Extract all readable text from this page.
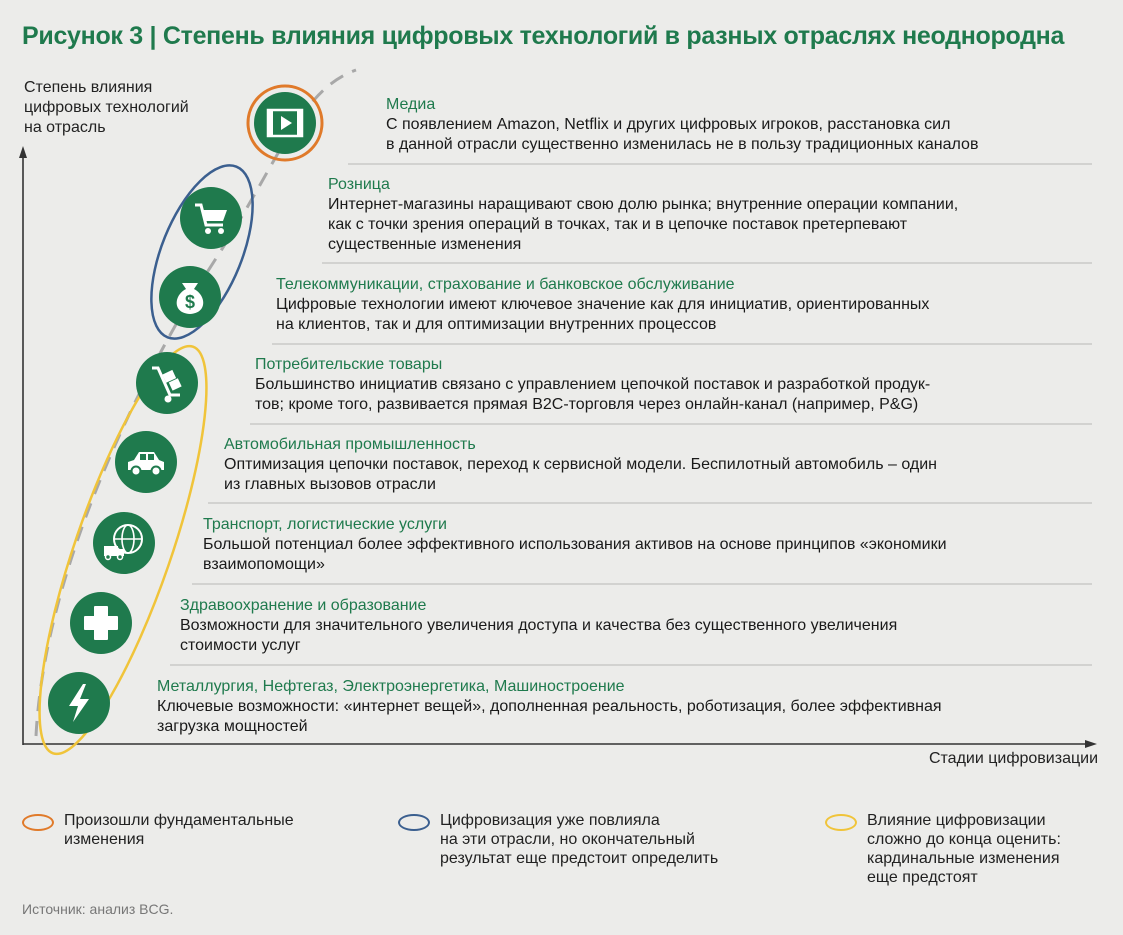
Рисунок 3 | Степень влияния цифровых технологий в разных отраслях неоднородна
Степень влияния
цифровых технологий
на отрасль
Стадии цифровизации
$
Медиа
С появлением Amazon, Netflix и других цифровых игроков, расстановка сил
в данной отрасли существенно изменилась не в пользу традиционных каналов
Розница
Интернет-магазины наращивают свою долю рынка; внутренние операции компании,
как с точки зрения операций в точках, так и в цепочке поставок претерпевают
существенные изменения
Телекоммуникации, страхование и банковское обслуживание
Цифровые технологии имеют ключевое значение как для инициатив, ориентированных
на клиентов, так и для оптимизации внутренних процессов
Потребительские товары
Большинство инициатив связано с управлением цепочкой поставок и разработкой продук-
тов; кроме того, развивается прямая B2C-торговля через онлайн-канал (например, P&G)
Автомобильная промышленность
Оптимизация цепочки поставок, переход к сервисной модели. Беспилотный автомобиль – один
из главных вызовов отрасли
Транспорт, логистические услуги
Большой потенциал более эффективного использования активов на основе принципов «экономики
взаимопомощи»
Здравоохранение и образование
Возможности для значительного увеличения доступа и качества без существенного увеличения
стоимости услуг
Металлургия, Нефтегаз, Электроэнергетика, Машиностроение
Ключевые возможности: «интернет вещей», дополненная реальность, роботизация, более эффективная
загрузка мощностей
Произошли фундаментальные
изменения
Цифровизация уже повлияла
на эти отрасли, но окончательный
результат еще предстоит определить
Влияние цифровизации
сложно до конца оценить:
кардинальные изменения
еще предстоят
Источник: анализ BCG.
